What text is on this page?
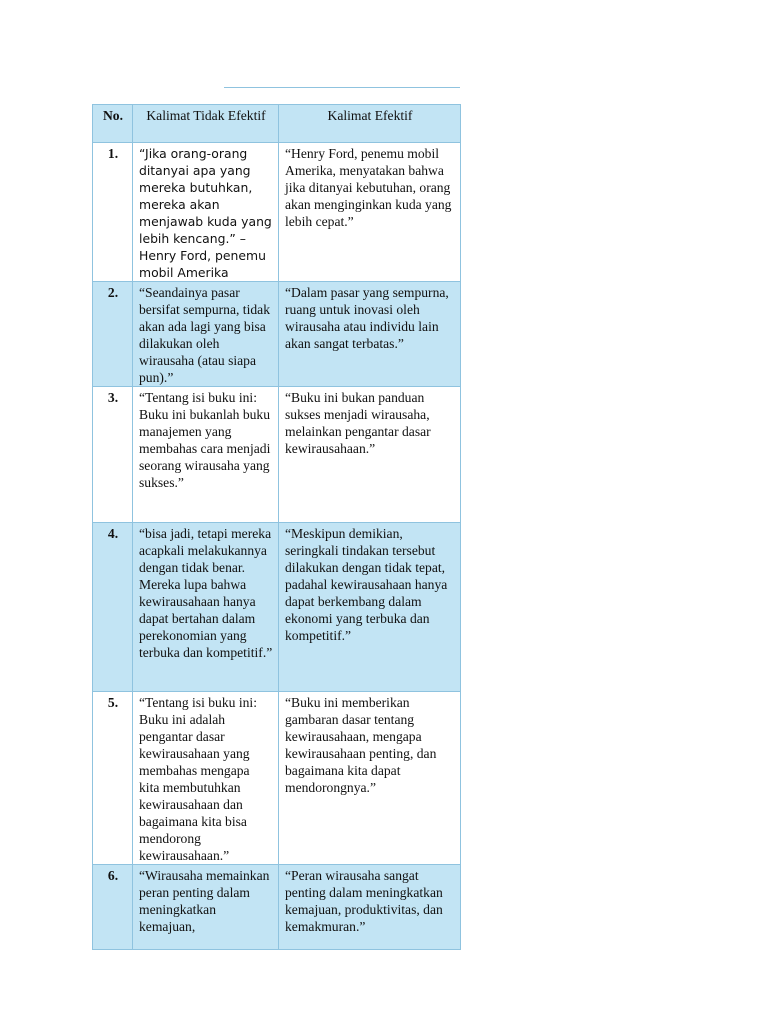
No.	Kalimat Tidak Efektif	Kalimat Efektif
1.	“Jika orang-orang ditanyai apa yang mereka butuhkan, mereka akan menjawab kuda yang lebih kencang.” – Henry Ford, penemu mobil Amerika	“Henry Ford, penemu mobil Amerika, menyatakan bahwa jika ditanyai kebutuhan, orang akan menginginkan kuda yang lebih cepat.”
2.	“Seandainya pasar bersifat sempurna, tidak akan ada lagi yang bisa dilakukan oleh wirausaha (atau siapa pun).”	“Dalam pasar yang sempurna, ruang untuk inovasi oleh wirausaha atau individu lain akan sangat terbatas.”
3.	“Tentang isi buku ini: Buku ini bukanlah buku manajemen yang membahas cara menjadi seorang wirausaha yang sukses.”	“Buku ini bukan panduan sukses menjadi wirausaha, melainkan pengantar dasar kewirausahaan.”
4.	“bisa jadi, tetapi mereka acapkali melakukannya dengan tidak benar. Mereka lupa bahwa kewirausahaan hanya dapat bertahan dalam perekonomian yang terbuka dan kompetitif.”	“Meskipun demikian, seringkali tindakan tersebut dilakukan dengan tidak tepat, padahal kewirausahaan hanya dapat berkembang dalam ekonomi yang terbuka dan kompetitif.”
5.	“Tentang isi buku ini: Buku ini adalah pengantar dasar kewirausahaan yang membahas mengapa kita membutuhkan kewirausahaan dan bagaimana kita bisa mendorong kewirausahaan.”	“Buku ini memberikan gambaran dasar tentang kewirausahaan, mengapa kewirausahaan penting, dan bagaimana kita dapat mendorongnya.”
6.	“Wirausaha memainkan peran penting dalam meningkatkan kemajuan,	“Peran wirausaha sangat penting dalam meningkatkan kemajuan, produktivitas, dan kemakmuran.”
